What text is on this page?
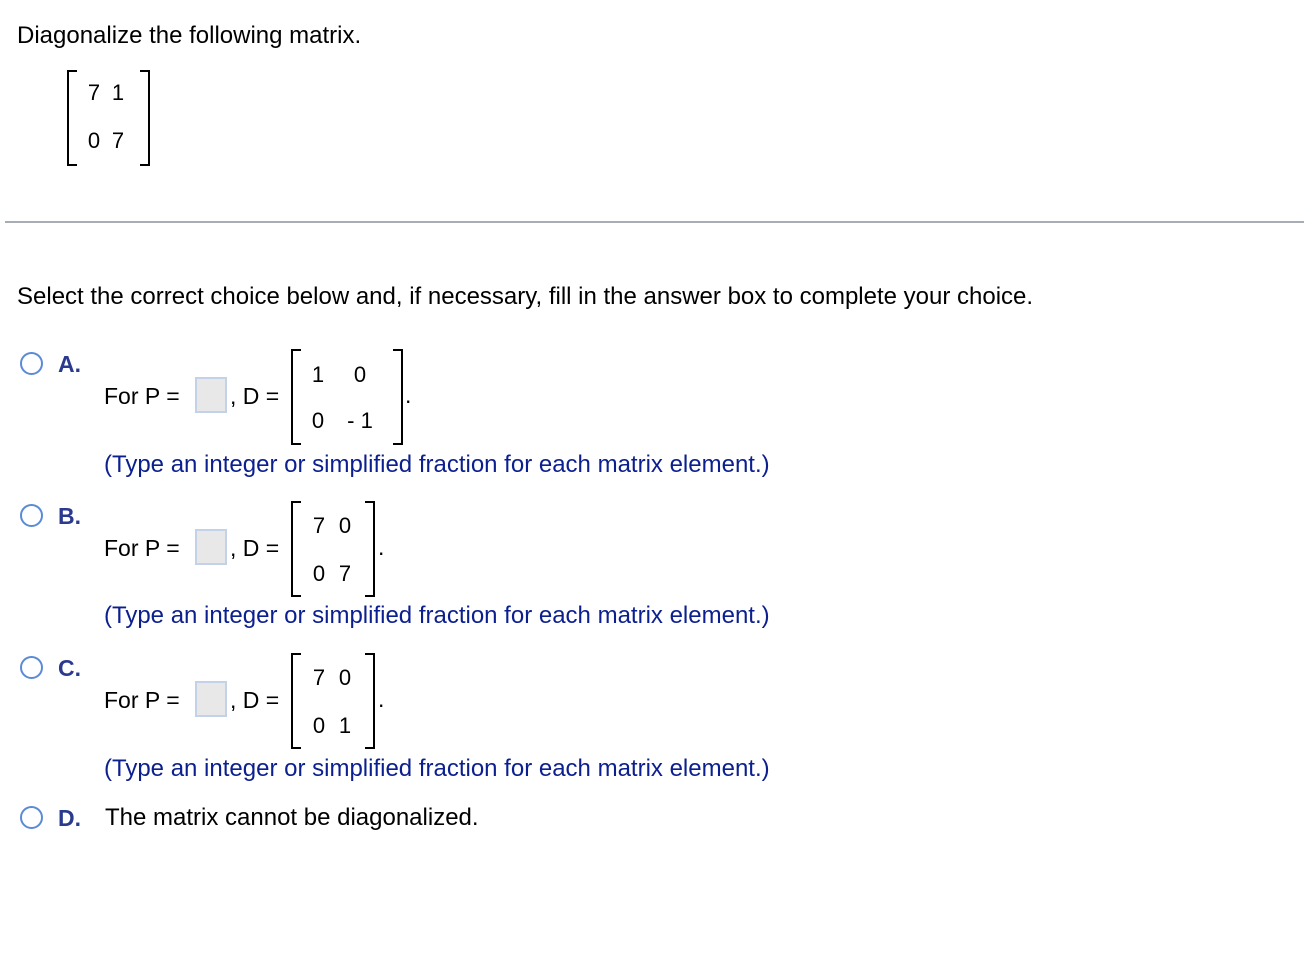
Diagonalize the following matrix.
7 1
0 7
Select the correct choice below and, if necessary, fill in the answer box to complete your choice.
A.
For P = , D =
1	0
0	- 1
.
(Type an integer or simplified fraction for each matrix element.)
B.
For P = , D =
7 0
0 7
.
(Type an integer or simplified fraction for each matrix element.)
C.
For P = , D =
7 0
0 1
.
(Type an integer or simplified fraction for each matrix element.)
D. The matrix cannot be diagonalized.
